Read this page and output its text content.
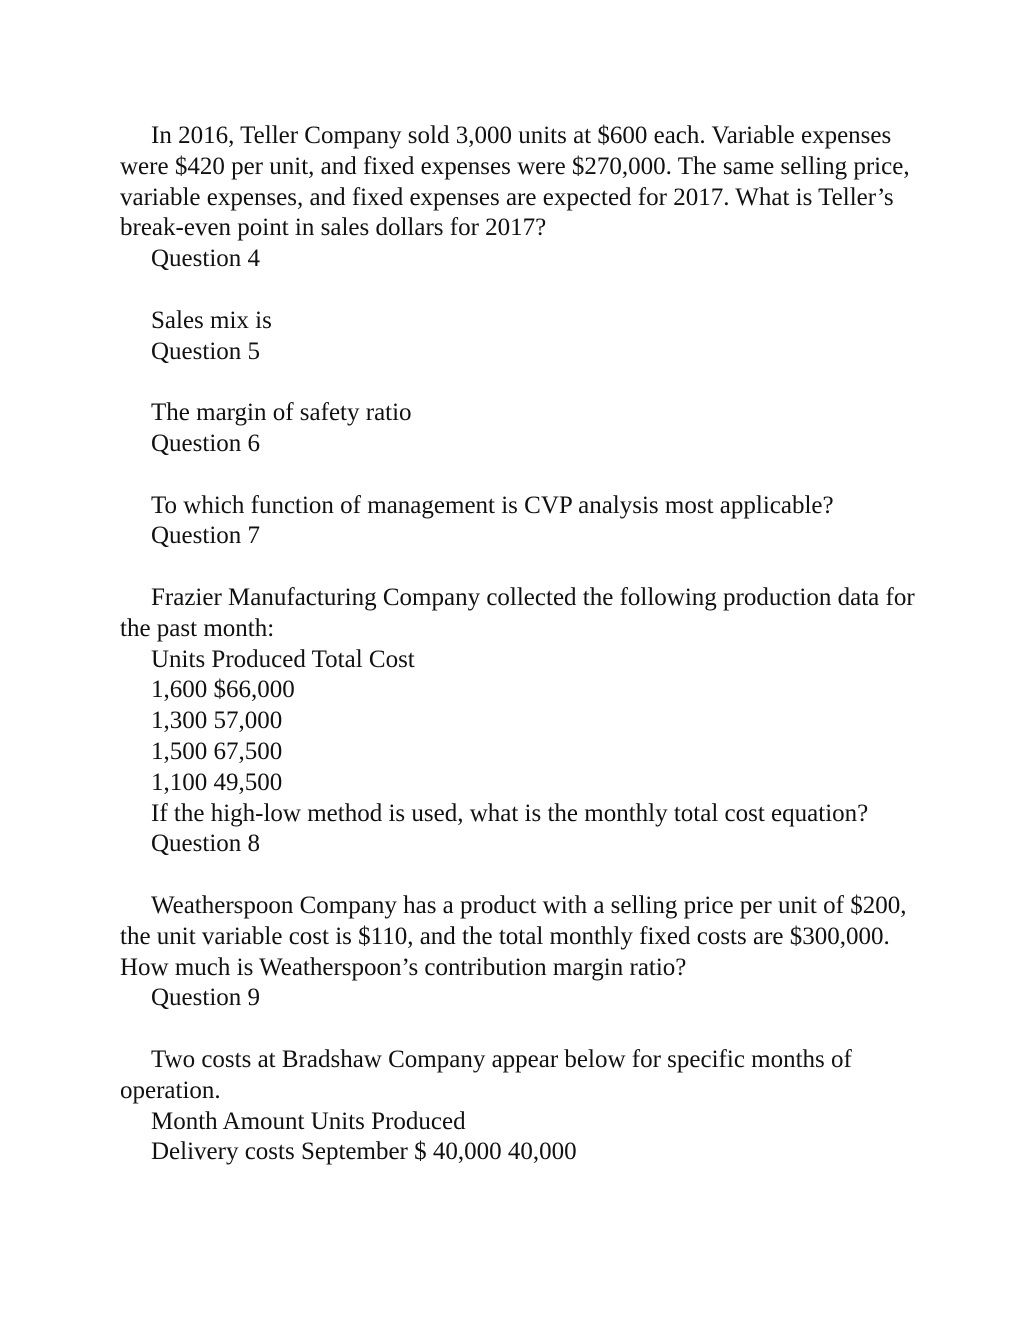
In 2016, Teller Company sold 3,000 units at $600 each. Variable expenses were $420 per unit, and fixed expenses were $270,000. The same selling price, variable expenses, and fixed expenses are expected for 2017. What is Teller’s break-even point in sales dollars for 2017?

Question 4

Sales mix is

Question 5

The margin of safety ratio

Question 6

To which function of management is CVP analysis most applicable?

Question 7

Frazier Manufacturing Company collected the following production data for the past month:

Units Produced Total Cost

1,600 $66,000

1,300 57,000

1,500 67,500

1,100 49,500

If the high-low method is used, what is the monthly total cost equation?

Question 8

Weatherspoon Company has a product with a selling price per unit of $200, the unit variable cost is $110, and the total monthly fixed costs are $300,000. How much is Weatherspoon’s contribution margin ratio?

Question 9

Two costs at Bradshaw Company appear below for specific months of operation.

Month Amount Units Produced

Delivery costs September $ 40,000 40,000
